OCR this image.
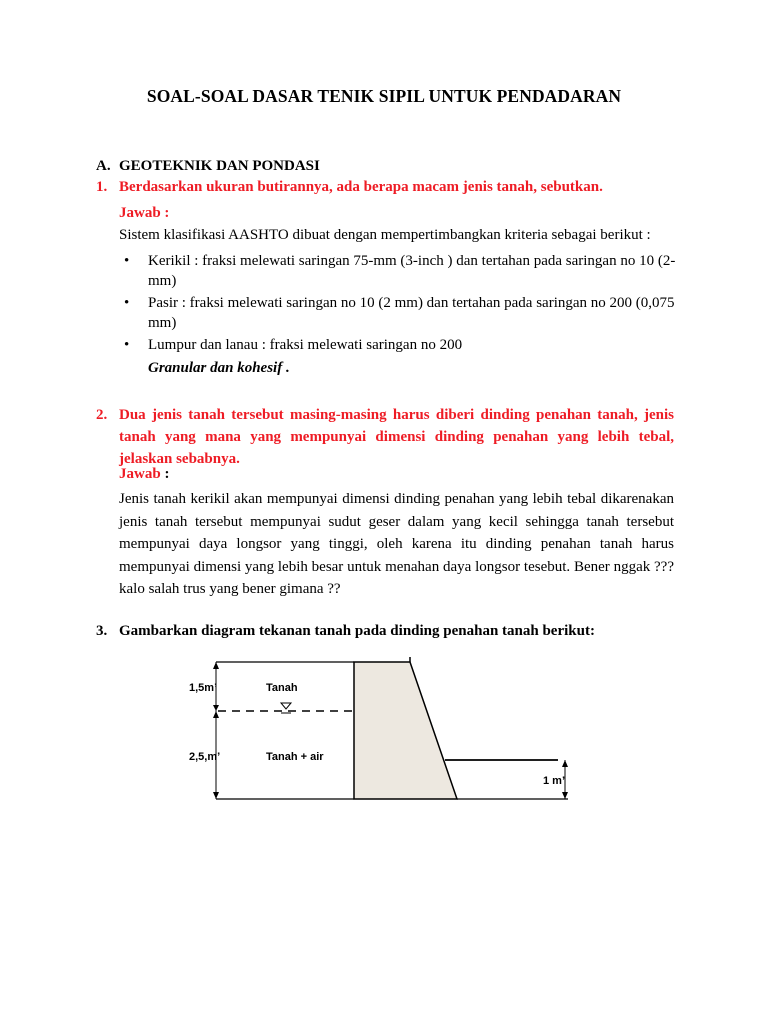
SOAL-SOAL DASAR TENIK SIPIL UNTUK PENDADARAN
A. GEOTEKNIK DAN PONDASI
1. Berdasarkan ukuran butirannya, ada berapa macam jenis tanah, sebutkan.
Jawab :
Sistem klasifikasi AASHTO dibuat dengan mempertimbangkan kriteria sebagai berikut :
• Kerikil : fraksi melewati saringan 75-mm (3-inch ) dan tertahan pada saringan no 10 (2-mm)
• Pasir : fraksi melewati saringan no 10 (2 mm) dan tertahan pada saringan no 200 (0,075 mm)
• Lumpur dan lanau : fraksi melewati saringan no 200
Granular dan kohesif .
2. Dua jenis tanah tersebut masing-masing harus diberi dinding penahan tanah, jenis tanah yang mana yang mempunyai dimensi dinding penahan yang lebih tebal, jelaskan sebabnya.
Jawab :
Jenis tanah kerikil akan mempunyai dimensi dinding penahan yang lebih tebal dikarenakan jenis tanah tersebut mempunyai sudut geser dalam yang kecil sehingga tanah tersebut mempunyai daya longsor yang tinggi, oleh karena itu dinding penahan tanah harus mempunyai dimensi yang lebih besar untuk menahan daya longsor tesebut. Bener nggak ??? kalo salah trus yang bener gimana ??
3. Gambarkan diagram tekanan tanah pada dinding penahan tanah berikut:
1,5m’	Tanah
2,5,m’	Tanah + air
1 m’
